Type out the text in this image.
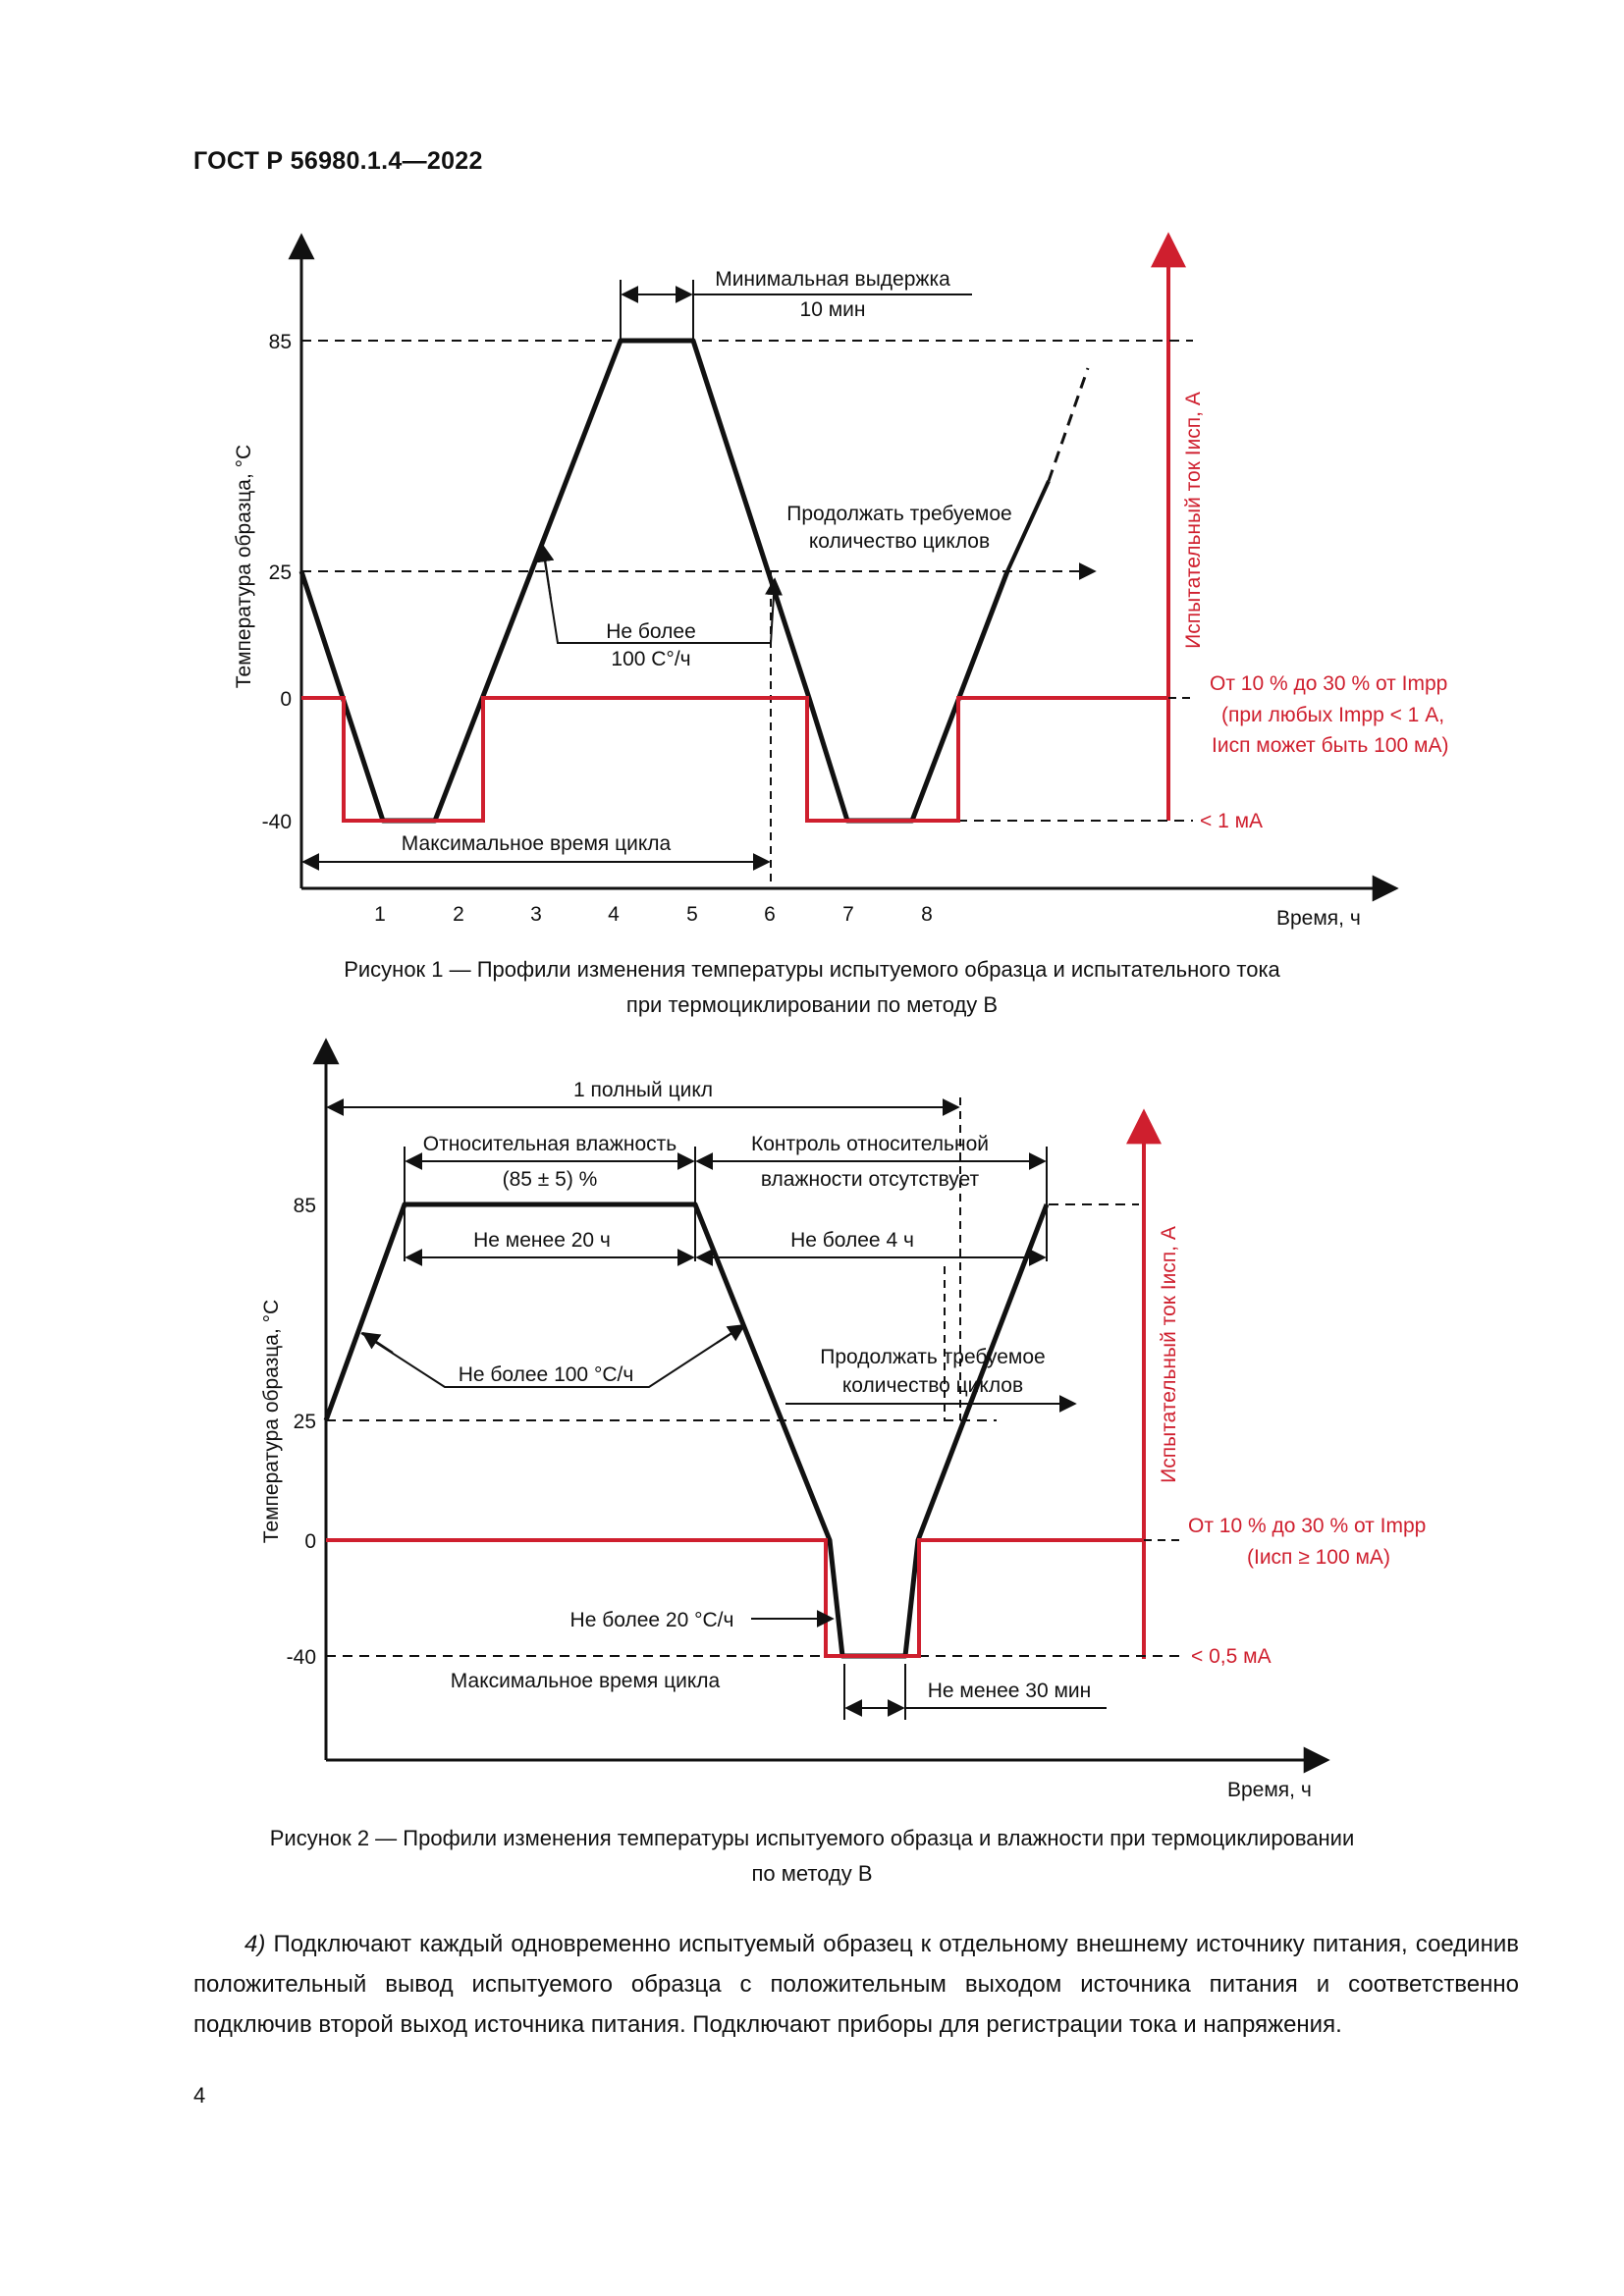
ГОСТ Р 56980.1.4—2022
85
25
0
-40
1	2	3	4	5	6	7	8	Время, ч
Температура образца, °C	Испытательный ток Iисп, А
Минимальная выдержка
10 мин
Продолжать требуемое
количество циклов
Не более
100 С°/ч
Максимальное время цикла
От 10 % до 30 % от Imрр
(при любых Imрр < 1 А,
Iисп может быть 100 мА)
< 1 мА
Рисунок 1 — Профили изменения температуры испытуемого образца и испытательного тока
при термоциклировании по методу B
85
25
0
-40
Время, ч
Температура образца, °C	Испытательный ток Iисп, А
1 полный цикл
Относительная влажность
(85 ± 5) %
Контроль относительной
влажности отсутствует
Не менее 20 ч	Не более 4 ч
Не более 100 °С/ч
Продолжать требуемое
количество циклов
Не более 20 °С/ч
Максимальное время цикла	Не менее 30 мин
От 10 % до 30 % от Imрр
(Iисп ≥ 100 мА)
< 0,5 мА
Рисунок 2 — Профили изменения температуры испытуемого образца и влажности при термоциклировании
по методу B
4) Подключают каждый одновременно испытуемый образец к отдельному внешнему источнику питания, соединив положительный вывод испытуемого образца с положительным выходом источника питания и соответственно подключив второй выход источника питания. Подключают приборы для регистрации тока и напряжения.
4
